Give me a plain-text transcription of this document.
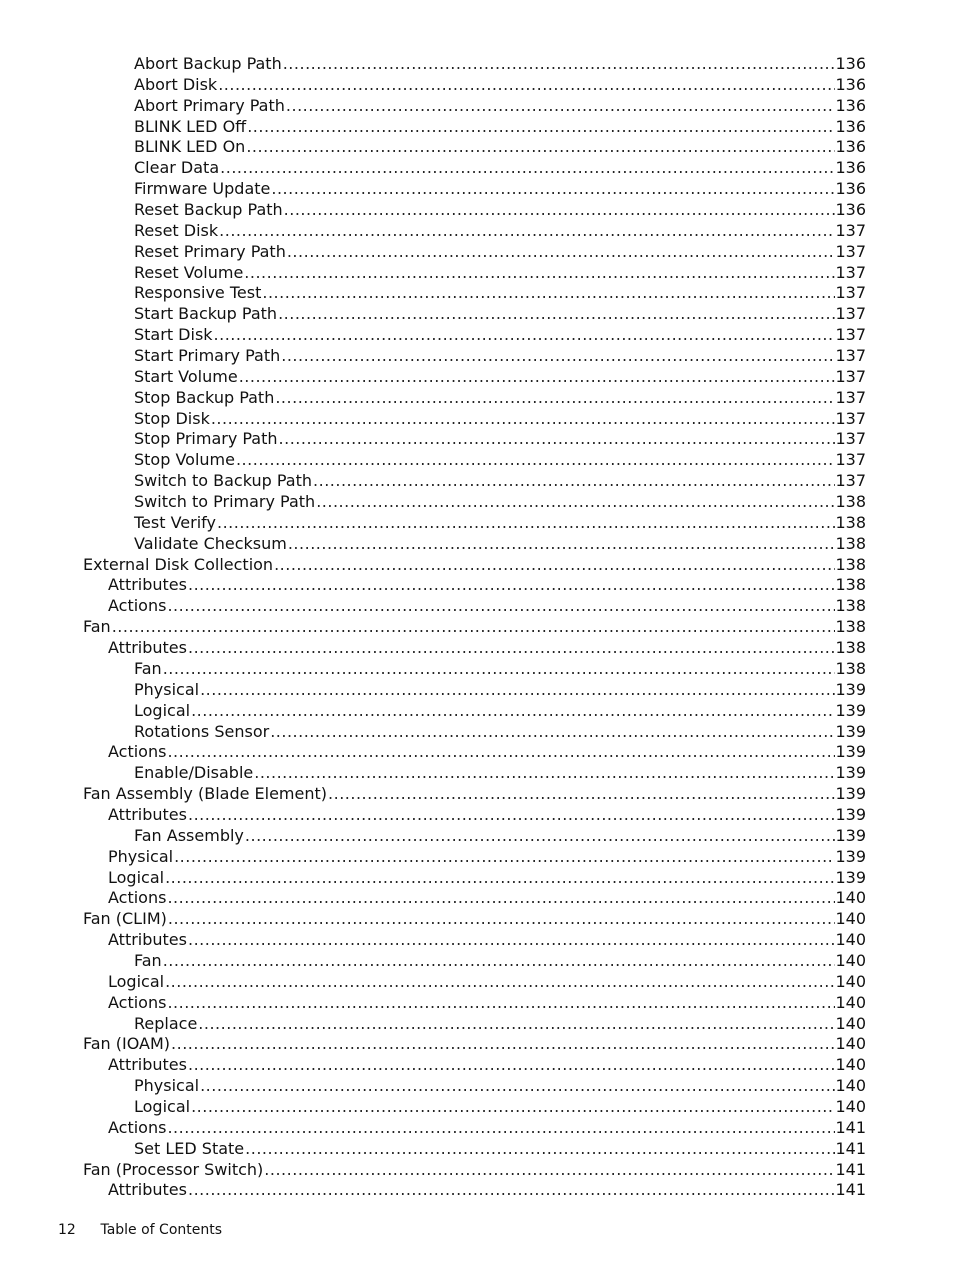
Abort Backup Path .....	136
Abort Disk .....	136
Abort Primary Path .....	136
BLINK LED Off .....	136
BLINK LED On .....	136
Clear Data .....	136
Firmware Update .....	136
Reset Backup Path .....	136
Reset Disk .....	137
Reset Primary Path .....	137
Reset Volume .....	137
Responsive Test .....	137
Start Backup Path .....	137
Start Disk .....	137
Start Primary Path .....	137
Start Volume .....	137
Stop Backup Path .....	137
Stop Disk .....	137
Stop Primary Path .....	137
Stop Volume .....	137
Switch to Backup Path .....	137
Switch to Primary Path .....	138
Test Verify .....	138
Validate Checksum .....	138
External Disk Collection .....	138
Attributes .....	138
Actions .....	138
Fan .....	138
Attributes .....	138
Fan .....	138
Physical .....	139
Logical .....	139
Rotations Sensor .....	139
Actions .....	139
Enable/Disable .....	139
Fan Assembly (Blade Element) .....	139
Attributes .....	139
Fan Assembly .....	139
Physical .....	139
Logical .....	139
Actions .....	140
Fan (CLIM) .....	140
Attributes .....	140
Fan .....	140
Logical .....	140
Actions .....	140
Replace .....	140
Fan (IOAM) .....	140
Attributes .....	140
Physical .....	140
Logical .....	140
Actions .....	141
Set LED State .....	141
Fan (Processor Switch) .....	141
Attributes .....	141
12 Table of Contents
